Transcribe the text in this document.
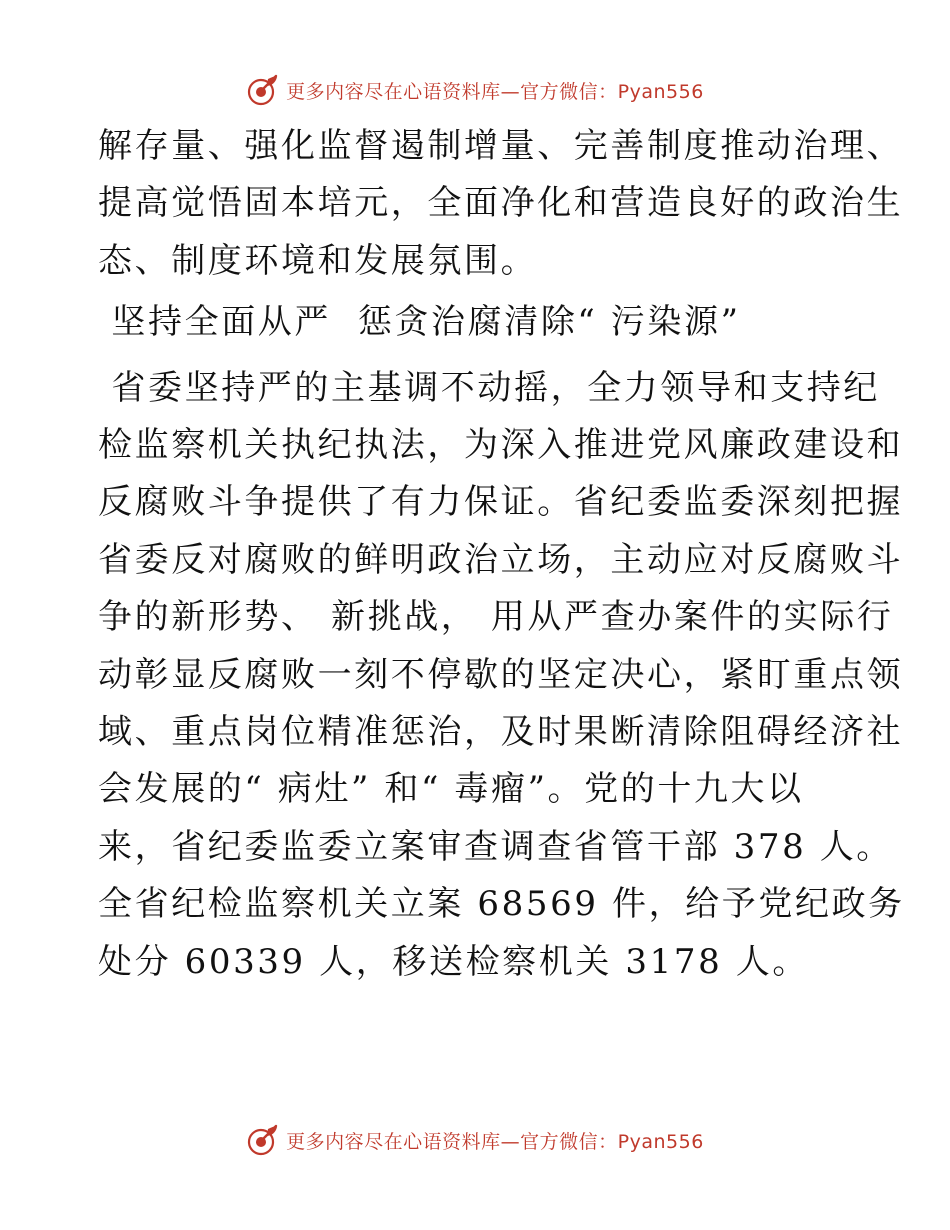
更多内容尽在心语资料库—官方微信：Pyan556

解存量、强化监督遏制增量、完善制度推动治理、

提高觉悟固本培元，全面净化和营造良好的政治生

态、制度环境和发展氛围。

坚持全面从严  惩贪治腐清除“ 污染源”

省委坚持严的主基调不动摇，全力领导和支持纪

检监察机关执纪执法，为深入推进党风廉政建设和

反腐败斗争提供了有力保证。省纪委监委深刻把握

省委反对腐败的鲜明政治立场，主动应对反腐败斗

争的新形势、 新挑战， 用从严查办案件的实际行

动彰显反腐败一刻不停歇的坚定决心，紧盯重点领

域、重点岗位精准惩治，及时果断清除阻碍经济社

会发展的“ 病灶” 和“ 毒瘤”。党的十九大以

来，省纪委监委立案审查调查省管干部 378 人。

全省纪检监察机关立案 68569 件，给予党纪政务

处分 60339 人，移送检察机关 3178 人。

更多内容尽在心语资料库—官方微信：Pyan556
